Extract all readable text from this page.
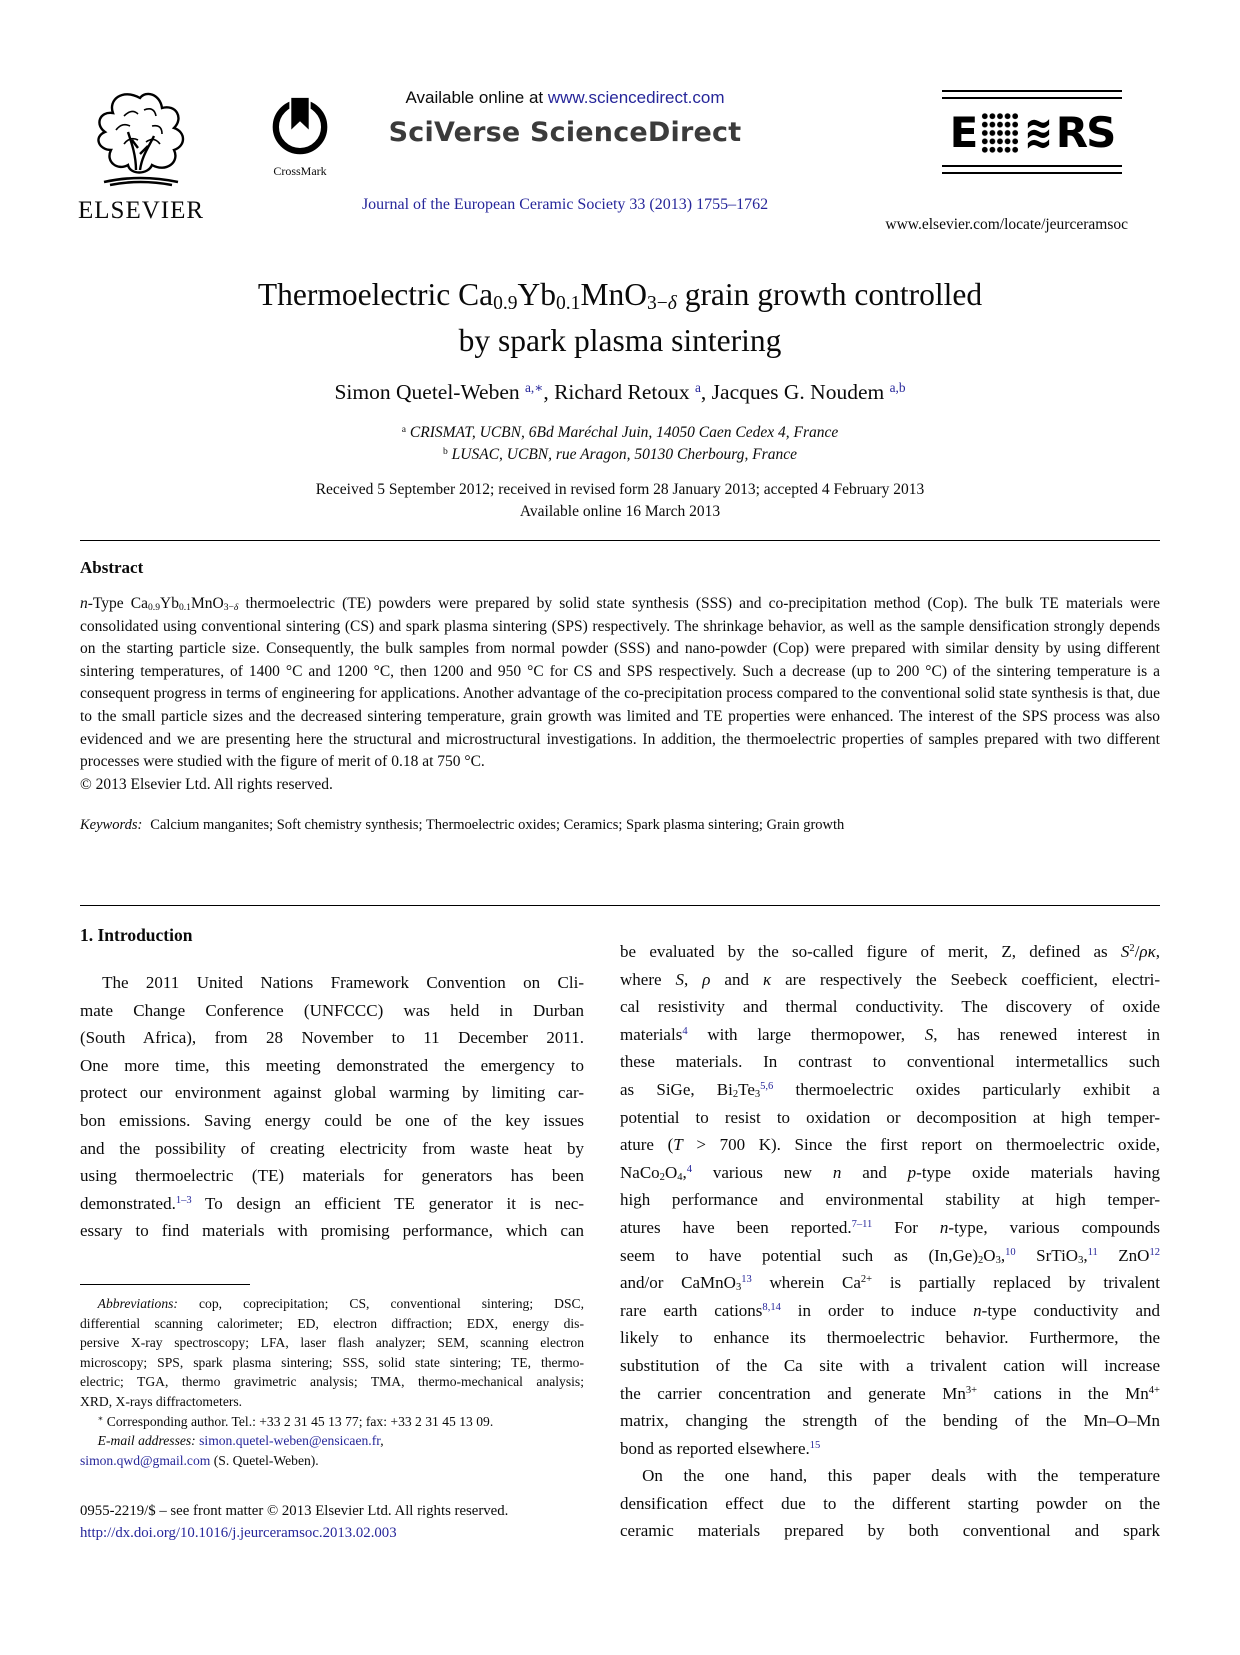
ELSEVIER
CrossMark
Available online at www.sciencedirect.com
SciVerse ScienceDirect
Journal of the European Ceramic Society 33 (2013) 1755–1762
E ≋ RS
www.elsevier.com/locate/jeurceramsoc
Thermoelectric $Ca_{0.9}Yb_{0.1}MnO_{3-\delta}$ grain growth controlled
by spark plasma sintering
Simon Quetel-Weben $^{a,∗}$, Richard Retoux $^a$, Jacques G. Noudem $^{a,b}$
$^a$ CRISMAT, UCBN, 6Bd Maréchal Juin, 14050 Caen Cedex 4, France
$^b$ LUSAC, UCBN, rue Aragon, 50130 Cherbourg, France
Received 5 September 2012; received in revised form 28 January 2013; accepted 4 February 2013
Available online 16 March 2013
Abstract
n-Type $Ca_{0.9}Yb_{0.1}MnO_{3-\delta}$ thermoelectric (TE) powders were prepared by solid state synthesis (SSS) and co-precipitation method (Cop). The bulk TE materials were consolidated using conventional sintering (CS) and spark plasma sintering (SPS) respectively. The shrinkage behavior, as well as the sample densification strongly depends on the starting particle size. Consequently, the bulk samples from normal powder (SSS) and nano-powder (Cop) were prepared with similar density by using different sintering temperatures, of 1400 °C and 1200 °C, then 1200 and 950 °C for CS and SPS respectively. Such a decrease (up to 200 °C) of the sintering temperature is a consequent progress in terms of engineering for applications. Another advantage of the co-precipitation process compared to the conventional solid state synthesis is that, due to the small particle sizes and the decreased sintering temperature, grain growth was limited and TE properties were enhanced. The interest of the SPS process was also evidenced and we are presenting here the structural and microstructural investigations. In addition, the thermoelectric properties of samples prepared with two different processes were studied with the figure of merit of 0.18 at 750 °C.
© 2013 Elsevier Ltd. All rights reserved.
Keywords: Calcium manganites; Soft chemistry synthesis; Thermoelectric oxides; Ceramics; Spark plasma sintering; Grain growth
1. Introduction
The 2011 United Nations Framework Convention on Cli-
mate Change Conference (UNFCCC) was held in Durban
(South Africa), from 28 November to 11 December 2011.
One more time, this meeting demonstrated the emergency to
protect our environment against global warming by limiting car-
bon emissions. Saving energy could be one of the key issues
and the possibility of creating electricity from waste heat by
using thermoelectric (TE) materials for generators has been
demonstrated.$^{1-3}$ To design an efficient TE generator it is nec-
essary to find materials with promising performance, which can
Abbreviations: cop, coprecipitation; CS, conventional sintering; DSC,
differential scanning calorimeter; ED, electron diffraction; EDX, energy dis-
persive X-ray spectroscopy; LFA, laser flash analyzer; SEM, scanning electron
microscopy; SPS, spark plasma sintering; SSS, solid state sintering; TE, thermo-
electric; TGA, thermo gravimetric analysis; TMA, thermo-mechanical analysis;
XRD, X-rays diffractometers.
∗ Corresponding author. Tel.: +33 2 31 45 13 77; fax: +33 2 31 45 13 09.
E-mail addresses: simon.quetel-weben@ensicaen.fr,
simon.qwd@gmail.com (S. Quetel-Weben).
0955-2219/$ – see front matter © 2013 Elsevier Ltd. All rights reserved.
http://dx.doi.org/10.1016/j.jeurceramsoc.2013.02.003
be evaluated by the so-called figure of merit, Z, defined as $S^2/\rho\kappa$,
where S, ρ and κ are respectively the Seebeck coefficient, electri-
cal resistivity and thermal conductivity. The discovery of oxide
materials$^4$ with large thermopower, S, has renewed interest in
these materials. In contrast to conventional intermetallics such
as SiGe, $Bi_2Te_3^{5,6}$ thermoelectric oxides particularly exhibit a
potential to resist to oxidation or decomposition at high temper-
ature (T > 700 K). Since the first report on thermoelectric oxide,
$NaCo_2O_4,^4$ various new n and p-type oxide materials having
high performance and environmental stability at high temper-
atures have been reported.$^{7-11}$ For n-type, various compounds
seem to have potential such as $(In,Ge)_2O_3,^{10}$ SrTiO$_3$,$^{11}$ ZnO$^{12}$
and/or CaMnO$_3^{13}$ wherein $Ca^{2+}$ is partially replaced by trivalent
rare earth cations$^{8,14}$ in order to induce n-type conductivity and
likely to enhance its thermoelectric behavior. Furthermore, the
substitution of the Ca site with a trivalent cation will increase
the carrier concentration and generate $Mn^{3+}$ cations in the $Mn^{4+}$
matrix, changing the strength of the bending of the Mn–O–Mn
bond as reported elsewhere.$^{15}$
On the one hand, this paper deals with the temperature
densification effect due to the different starting powder on the
ceramic materials prepared by both conventional and spark
